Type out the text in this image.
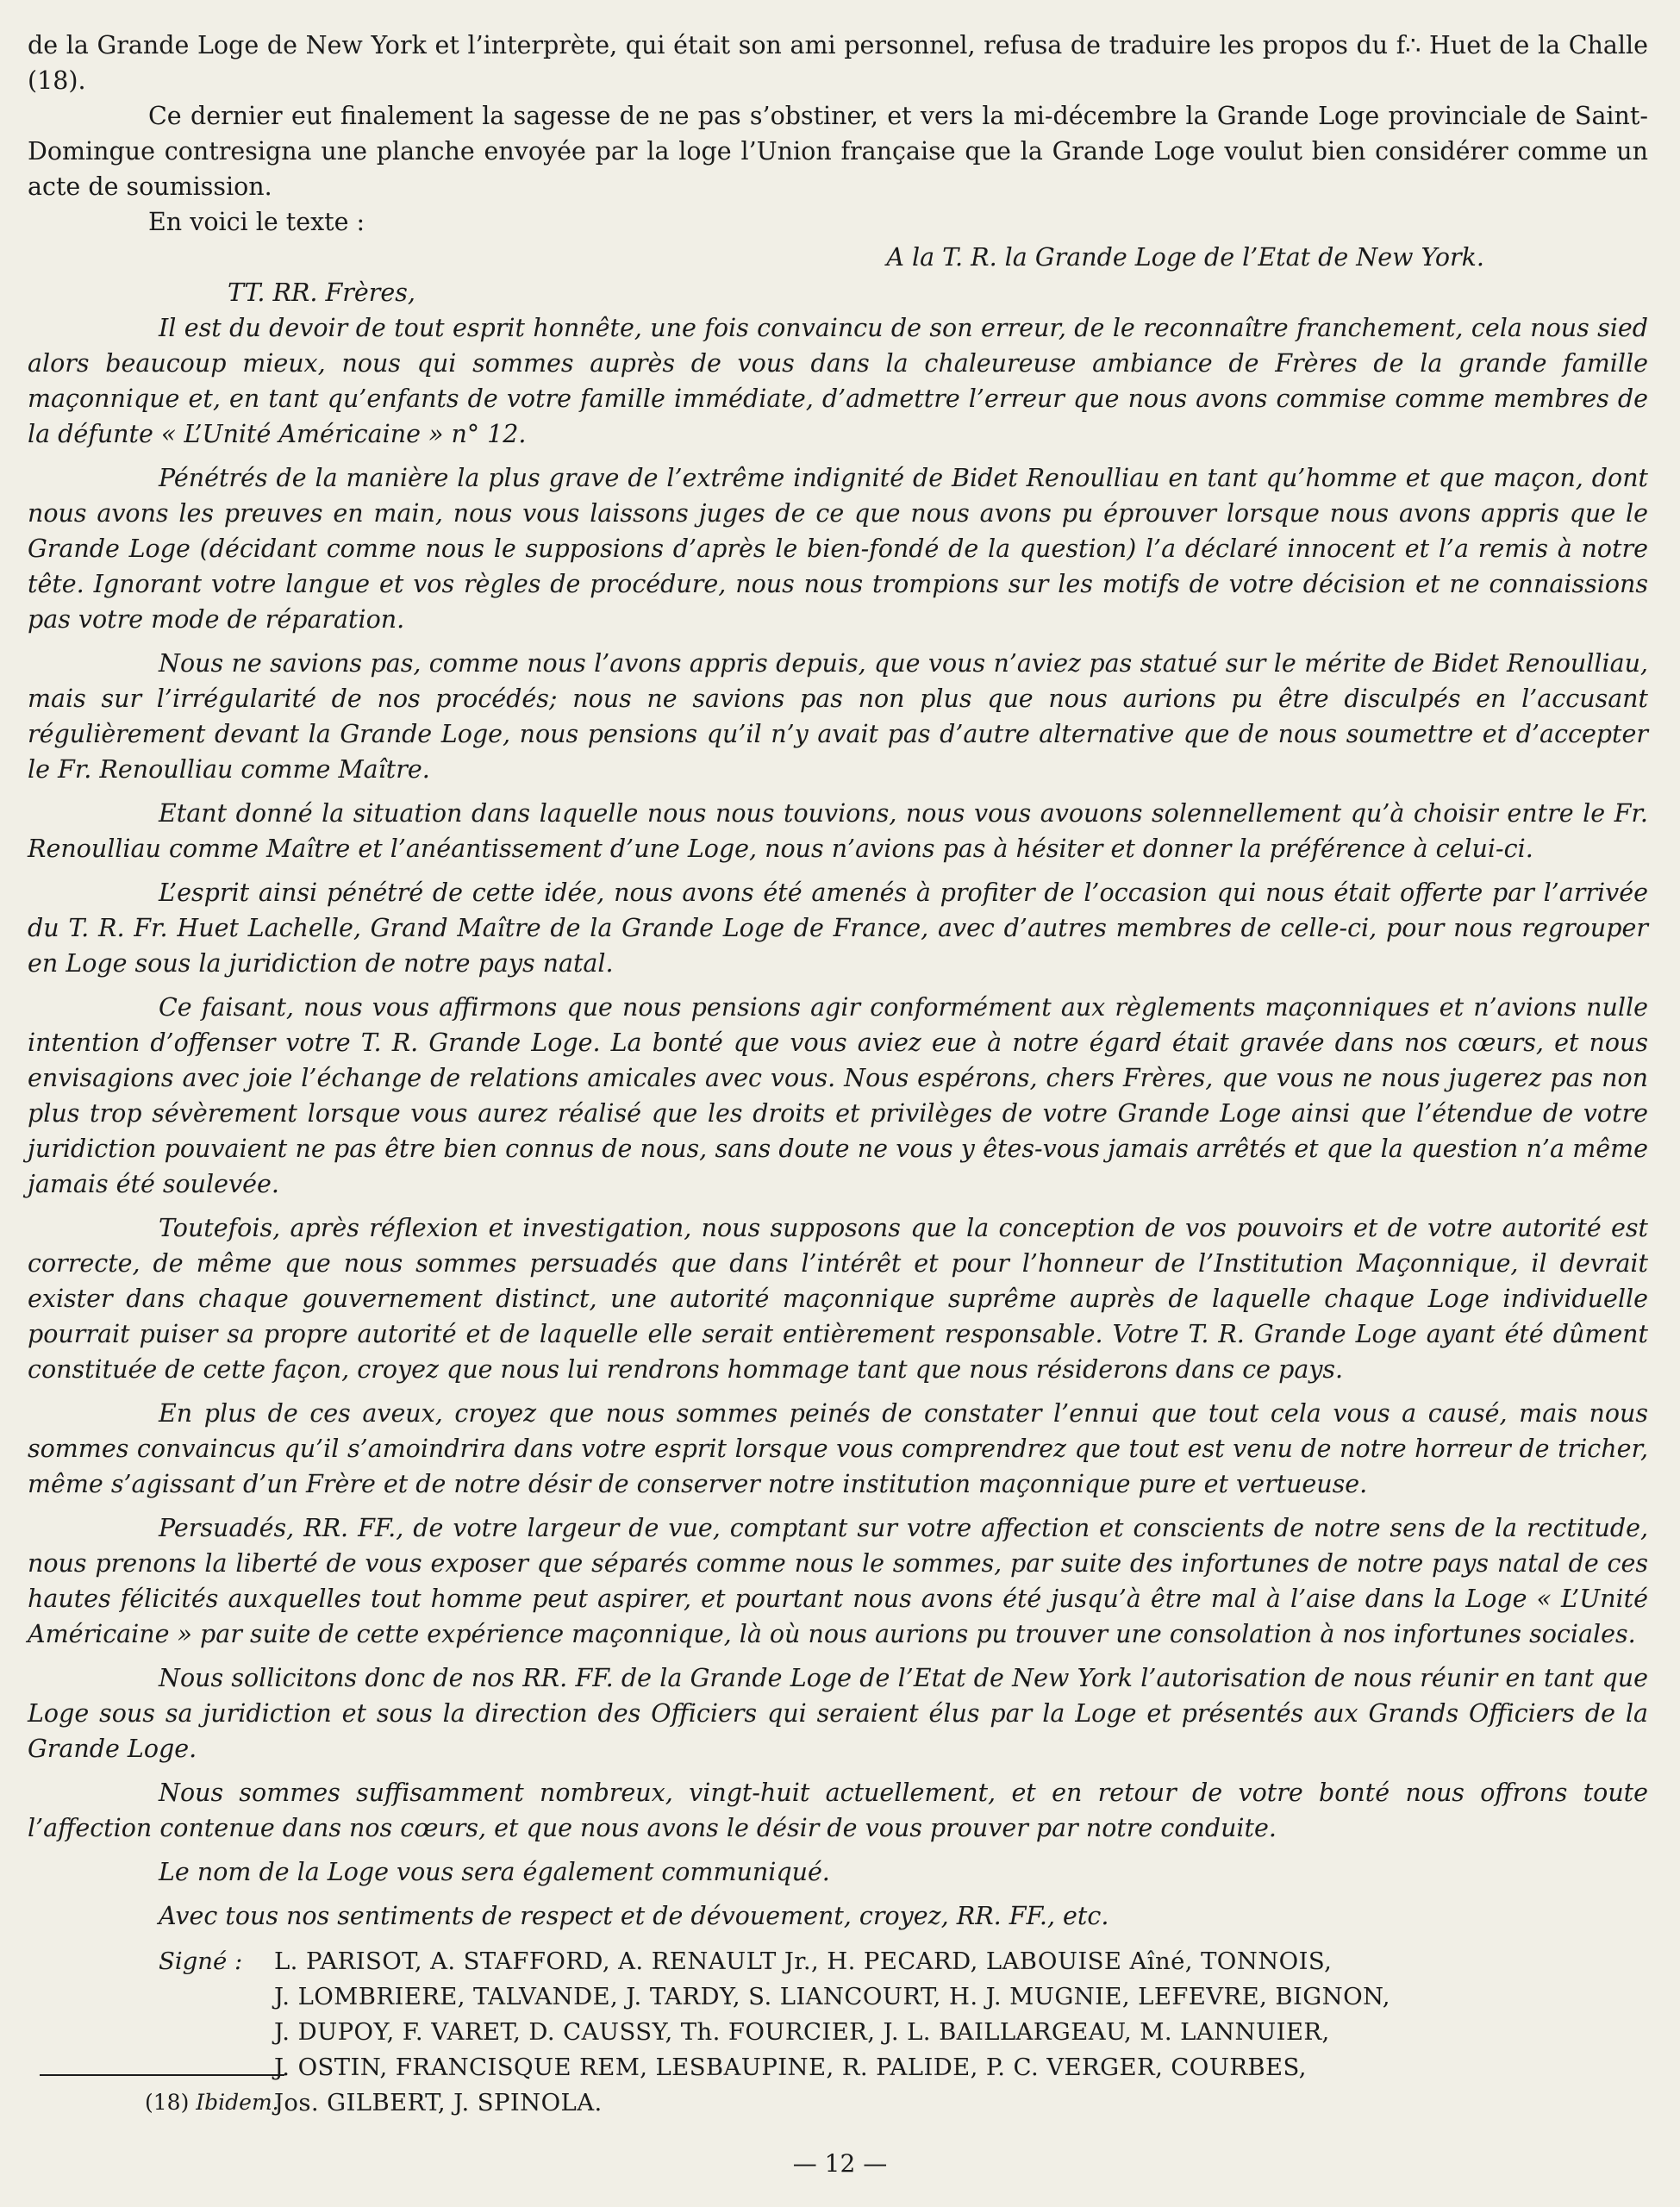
de la Grande Loge de New York et l’interprète, qui était son ami personnel, refusa de traduire les propos du f∴ Huet de la Challe (18).

Ce dernier eut finalement la sagesse de ne pas s’obstiner, et vers la mi-décembre la Grande Loge provinciale de Saint-Domingue contresigna une planche envoyée par la loge l’Union française que la Grande Loge voulut bien considérer comme un acte de soumission.

En voici le texte :

A la T. R. la Grande Loge de l’Etat de New York.

TT. RR. Frères,

Il est du devoir de tout esprit honnête, une fois convaincu de son erreur, de le reconnaître franchement, cela nous sied alors beaucoup mieux, nous qui sommes auprès de vous dans la chaleureuse ambiance de Frères de la grande famille maçonnique et, en tant qu’enfants de votre famille immédiate, d’admettre l’erreur que nous avons commise comme membres de la défunte « L’Unité Américaine » n° 12.

Pénétrés de la manière la plus grave de l’extrême indignité de Bidet Renoulliau en tant qu’homme et que maçon, dont nous avons les preuves en main, nous vous laissons juges de ce que nous avons pu éprouver lorsque nous avons appris que le Grande Loge (décidant comme nous le supposions d’après le bien-fondé de la question) l’a déclaré innocent et l’a remis à notre tête. Ignorant votre langue et vos règles de procédure, nous nous trompions sur les motifs de votre décision et ne connaissions pas votre mode de réparation.

Nous ne savions pas, comme nous l’avons appris depuis, que vous n’aviez pas statué sur le mérite de Bidet Renoulliau, mais sur l’irrégularité de nos procédés; nous ne savions pas non plus que nous aurions pu être disculpés en l’accusant régulièrement devant la Grande Loge, nous pensions qu’il n’y avait pas d’autre alternative que de nous soumettre et d’accepter le Fr. Renoulliau comme Maître.

Etant donné la situation dans laquelle nous nous touvions, nous vous avouons solennellement qu’à choisir entre le Fr. Renoulliau comme Maître et l’anéantissement d’une Loge, nous n’avions pas à hésiter et donner la préférence à celui-ci.

L’esprit ainsi pénétré de cette idée, nous avons été amenés à profiter de l’occasion qui nous était offerte par l’arrivée du T. R. Fr. Huet Lachelle, Grand Maître de la Grande Loge de France, avec d’autres membres de celle-ci, pour nous regrouper en Loge sous la juridiction de notre pays natal.

Ce faisant, nous vous affirmons que nous pensions agir conformément aux règlements maçonniques et n’avions nulle intention d’offenser votre T. R. Grande Loge. La bonté que vous aviez eue à notre égard était gravée dans nos cœurs, et nous envisagions avec joie l’échange de relations amicales avec vous. Nous espérons, chers Frères, que vous ne nous jugerez pas non plus trop sévèrement lorsque vous aurez réalisé que les droits et privilèges de votre Grande Loge ainsi que l’étendue de votre juridiction pouvaient ne pas être bien connus de nous, sans doute ne vous y êtes-vous jamais arrêtés et que la question n’a même jamais été soulevée.

Toutefois, après réflexion et investigation, nous supposons que la conception de vos pouvoirs et de votre autorité est correcte, de même que nous sommes persuadés que dans l’intérêt et pour l’honneur de l’Institution Maçonnique, il devrait exister dans chaque gouvernement distinct, une autorité maçonnique suprême auprès de laquelle chaque Loge individuelle pourrait puiser sa propre autorité et de laquelle elle serait entièrement responsable. Votre T. R. Grande Loge ayant été dûment constituée de cette façon, croyez que nous lui rendrons hommage tant que nous résiderons dans ce pays.

En plus de ces aveux, croyez que nous sommes peinés de constater l’ennui que tout cela vous a causé, mais nous sommes convaincus qu’il s’amoindrira dans votre esprit lorsque vous comprendrez que tout est venu de notre horreur de tricher, même s’agissant d’un Frère et de notre désir de conserver notre institution maçonnique pure et vertueuse.

Persuadés, RR. FF., de votre largeur de vue, comptant sur votre affection et conscients de notre sens de la rectitude, nous prenons la liberté de vous exposer que séparés comme nous le sommes, par suite des infortunes de notre pays natal de ces hautes félicités auxquelles tout homme peut aspirer, et pourtant nous avons été jusqu’à être mal à l’aise dans la Loge « L’Unité Américaine » par suite de cette expérience maçonnique, là où nous aurions pu trouver une consolation à nos infortunes sociales.

Nous sollicitons donc de nos RR. FF. de la Grande Loge de l’Etat de New York l’autorisation de nous réunir en tant que Loge sous sa juridiction et sous la direction des Officiers qui seraient élus par la Loge et présentés aux Grands Officiers de la Grande Loge.

Nous sommes suffisamment nombreux, vingt-huit actuellement, et en retour de votre bonté nous offrons toute l’affection contenue dans nos cœurs, et que nous avons le désir de vous prouver par notre conduite.

Le nom de la Loge vous sera également communiqué.

Avec tous nos sentiments de respect et de dévouement, croyez, RR. FF., etc.

Signé :	L. PARISOT, A. STAFFORD, A. RENAULT Jr., H. PECARD, LABOUISE Aîné, TONNOIS,
J. LOMBRIERE, TALVANDE, J. TARDY, S. LIANCOURT, H. J. MUGNIE, LEFEVRE, BIGNON,
J. DUPOY, F. VARET, D. CAUSSY, Th. FOURCIER, J. L. BAILLARGEAU, M. LANNUIER,
J. OSTIN, FRANCISQUE REM, LESBAUPINE, R. PALIDE, P. C. VERGER, COURBES,
Jos. GILBERT, J. SPINOLA.
(18) Ibidem.
— 12 —
